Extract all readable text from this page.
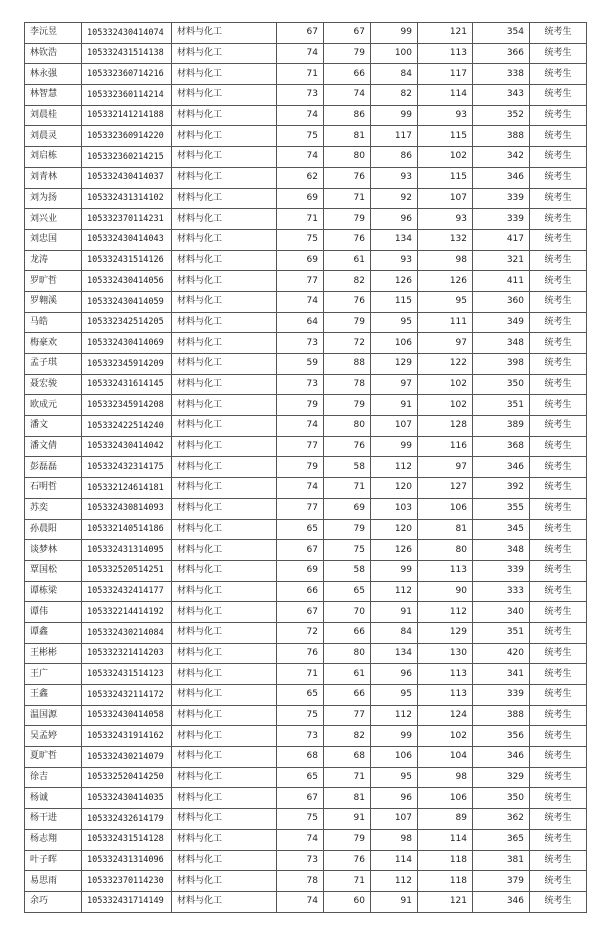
李沅昱	105332430414074	材料与化工	67	67	99	121	354	统考生
林钦浩	105332431514138	材料与化工	74	79	100	113	366	统考生
林永强	105332360714216	材料与化工	71	66	84	117	338	统考生
林智慧	105332360114214	材料与化工	73	74	82	114	343	统考生
刘晨桂	105332141214188	材料与化工	74	86	99	93	352	统考生
刘晨灵	105332360914220	材料与化工	75	81	117	115	388	统考生
刘启栋	105332360214215	材料与化工	74	80	86	102	342	统考生
刘青林	105332430414037	材料与化工	62	76	93	115	346	统考生
刘为扬	105332431314102	材料与化工	69	71	92	107	339	统考生
刘兴业	105332370114231	材料与化工	71	79	96	93	339	统考生
刘忠国	105332430414043	材料与化工	75	76	134	132	417	统考生
龙涛	105332431514126	材料与化工	69	61	93	98	321	统考生
罗旷哲	105332430414056	材料与化工	77	82	126	126	411	统考生
罗翱溪	105332430414059	材料与化工	74	76	115	95	360	统考生
马皓	105332342514205	材料与化工	64	79	95	111	349	统考生
梅豪欢	105332430414069	材料与化工	73	72	106	97	348	统考生
孟子琪	105332345914209	材料与化工	59	88	129	122	398	统考生
聂宏骏	105332431614145	材料与化工	73	78	97	102	350	统考生
欧成元	105332345914208	材料与化工	79	79	91	102	351	统考生
潘文	105332422514240	材料与化工	74	80	107	128	389	统考生
潘文倩	105332430414042	材料与化工	77	76	99	116	368	统考生
彭磊磊	105332432314175	材料与化工	79	58	112	97	346	统考生
石明哲	105332124614181	材料与化工	74	71	120	127	392	统考生
苏奕	105332430814093	材料与化工	77	69	103	106	355	统考生
孙晨阳	105332140514186	材料与化工	65	79	120	81	345	统考生
谈梦林	105332431314095	材料与化工	67	75	126	80	348	统考生
覃国松	105332520514251	材料与化工	69	58	99	113	339	统考生
谭栋梁	105332432414177	材料与化工	66	65	112	90	333	统考生
谭伟	105332214414192	材料与化工	67	70	91	112	340	统考生
谭鑫	105332430214084	材料与化工	72	66	84	129	351	统考生
王彬彬	105332321414203	材料与化工	76	80	134	130	420	统考生
王广	105332431514123	材料与化工	71	61	96	113	341	统考生
王鑫	105332432114172	材料与化工	65	66	95	113	339	统考生
温国源	105332430414058	材料与化工	75	77	112	124	388	统考生
吴孟婷	105332431914162	材料与化工	73	82	99	102	356	统考生
夏旷哲	105332430214079	材料与化工	68	68	106	104	346	统考生
徐吉	105332520414250	材料与化工	65	71	95	98	329	统考生
杨诚	105332430414035	材料与化工	67	81	96	106	350	统考生
杨干进	105332432614179	材料与化工	75	91	107	89	362	统考生
杨志翔	105332431514128	材料与化工	74	79	98	114	365	统考生
叶子晖	105332431314096	材料与化工	73	76	114	118	381	统考生
易思雨	105332370114230	材料与化工	78	71	112	118	379	统考生
余巧	105332431714149	材料与化工	74	60	91	121	346	统考生
